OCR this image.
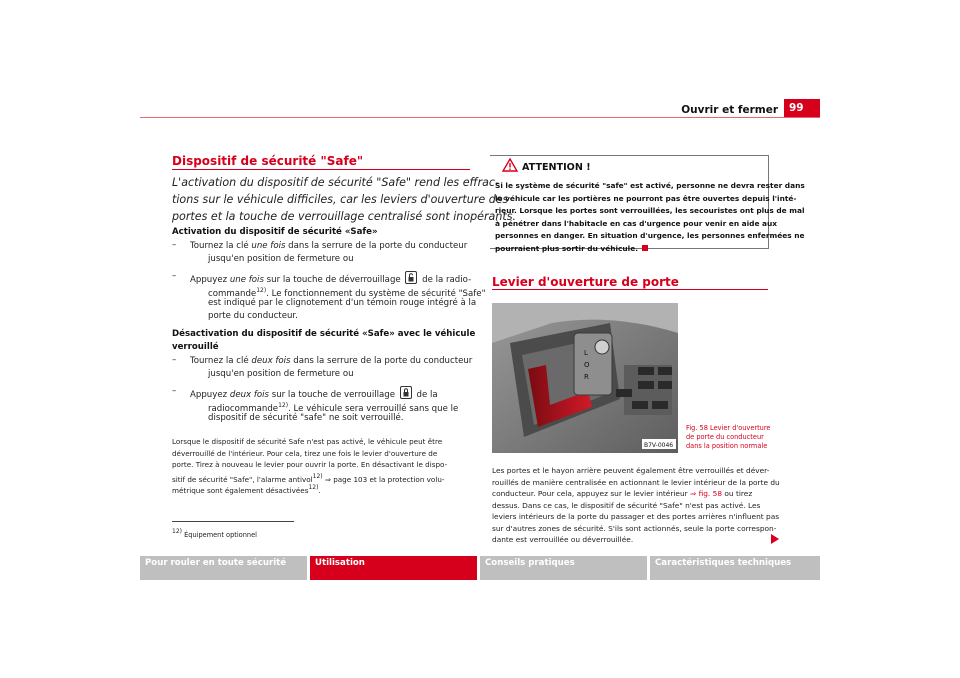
Ouvrir et fermer	99
Dispositif de sécurité "Safe"
L'activation du dispositif de sécurité "Safe" rend les effrac-
tions sur le véhicule difficiles, car les leviers d'ouverture des
portes et la touche de verrouillage centralisé sont inopérants.
Activation du dispositif de sécurité «Safe»
– Tournez la clé une fois dans la serrure de la porte du conducteur
jusqu'en position de fermeture ou
– Appuyez une fois sur la touche de déverrouillage
de la radio-
commande$^{12)}$. Le fonctionnement du système de sécurité "Safe"
est indiqué par le clignotement d'un témoin rouge intégré à la
porte du conducteur.
Désactivation du dispositif de sécurité «Safe» avec le véhicule
verrouillé
– Tournez la clé deux fois dans la serrure de la porte du conducteur
jusqu'en position de fermeture ou
– Appuyez deux fois sur la touche de verrouillage
de la
radiocommande$^{12)}$. Le véhicule sera verrouillé sans que le
dispositif de sécurité "safe" ne soit verrouillé.
Lorsque le dispositif de sécurité Safe n'est pas activé, le véhicule peut être
déverrouillé de l'intérieur. Pour cela, tirez une fois le levier d'ouverture de
porte. Tirez à nouveau le levier pour ouvrir la porte. En désactivant le dispo-
sitif de sécurité "Safe", l'alarme antivol$^{12)}$ ⇒ page 103 et la protection volu-
métrique sont également désactivées$^{12)}$.
12) Équipement optionnel
ATTENTION !
Si le système de sécurité "safe" est activé, personne ne devra rester dans
le véhicule car les portières ne pourront pas être ouvertes depuis l'inté-
rieur. Lorsque les portes sont verrouillées, les secouristes ont plus de mal
à pénétrer dans l'habitacle en cas d'urgence pour venir en aide aux
personnes en danger. En situation d'urgence, les personnes enfermées ne
pourraient plus sortir du véhicule.
Levier d'ouverture de porte
L
O
R
B7V-0046
Fig. 58 Levier d'ouverture
de porte du conducteur
dans la position normale
Les portes et le hayon arrière peuvent également être verrouillés et déver-
rouillés de manière centralisée en actionnant le levier intérieur de la porte du
conducteur. Pour cela, appuyez sur le levier intérieur ⇒ fig. 58 ou tirez
dessus. Dans ce cas, le dispositif de sécurité "Safe" n'est pas activé. Les
leviers intérieurs de la porte du passager et des portes arrières n'influent pas
sur d'autres zones de sécurité. S'ils sont actionnés, seule la porte correspon-
dante est verrouillée ou déverrouillée.
Pour rouler en toute sécurité	Utilisation	Conseils pratiques	Caractéristiques techniques
